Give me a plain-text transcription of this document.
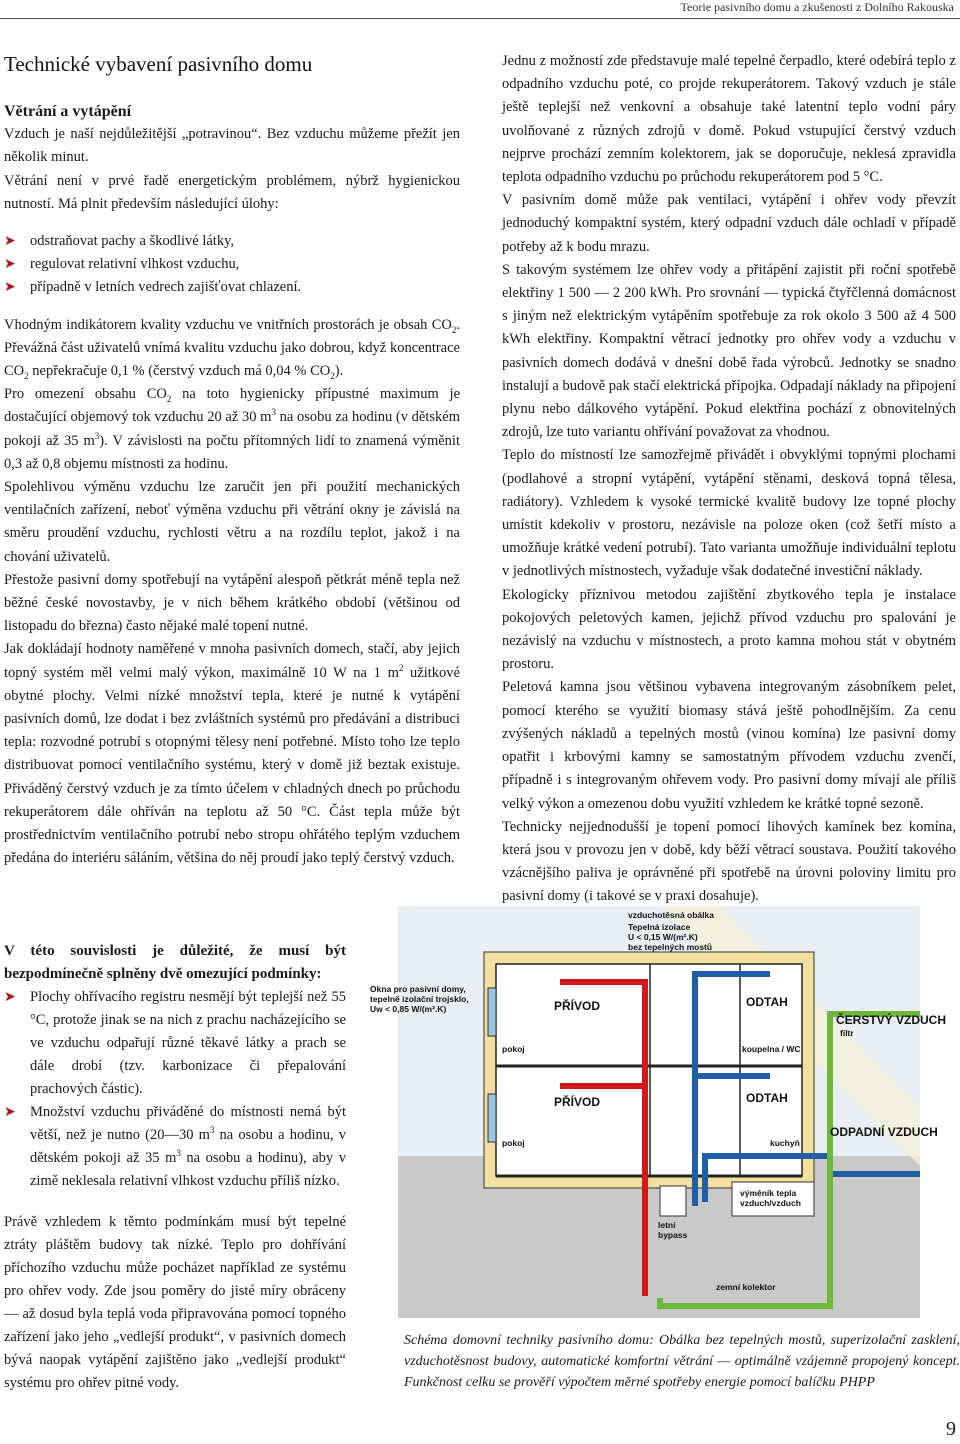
Teorie pasivního domu a zkušenosti z Dolního Rakouska
Technické vybavení pasivního domu

Větrání a vytápění

Vzduch je naší nejdůležitější „potravinou“. Bez vzduchu můžeme přežít jen několik minut.

Větrání není v prvé řadě energetickým problémem, nýbrž hygienickou nutností. Má plnit především následující úlohy:

➤ odstraňovat pachy a škodlivé látky,
➤ regulovat relativní vlhkost vzduchu,
➤ případně v letních vedrech zajišťovat chlazení.

Vhodným indikátorem kvality vzduchu ve vnitřních prostorách je obsah $CO_2$. Převážná část uživatelů vnímá kvalitu vzduchu jako dobrou, když koncentrace $CO_2$ nepřekračuje 0,1 % (čerstvý vzduch má 0,04 % $CO_2$).

Pro omezení obsahu $CO_2$ na toto hygienicky přípustné maximum je dostačující objemový tok vzduchu 20 až 30 $m^3$ na osobu za hodinu (v dětském pokoji až 35 $m^3$). V závislosti na počtu přítomných lidí to znamená výměnit 0,3 až 0,8 objemu místnosti za hodinu.

Spolehlivou výměnu vzduchu lze zaručit jen při použití mechanických ventilačních zařízení, neboť výměna vzduchu při větrání okny je závislá na směru proudění vzduchu, rychlosti větru a na rozdílu teplot, jakož i na chování uživatelů.

Přestože pasivní domy spotřebují na vytápění alespoň pětkrát méně tepla než běžné české novostavby, je v nich během krátkého období (většinou od listopadu do března) často nějaké malé topení nutné.

Jak dokládají hodnoty naměřené v mnoha pasivních domech, stačí, aby jejich topný systém měl velmi malý výkon, maximálně 10 W na 1 $m^2$ užitkové obytné plochy. Velmi nízké množství tepla, které je nutné k vytápění pasivních domů, lze dodat i bez zvláštních systémů pro předávání a distribuci tepla: rozvodné potrubí s otopnými tělesy není potřebné. Místo toho lze teplo distribuovat pomocí ventilačního systému, který v domě již beztak existuje. Přiváděný čerstvý vzduch je za tímto účelem v chladných dnech po průchodu rekuperátorem dále ohříván na teplotu až 50 °C. Část tepla může být prostřednictvím ventilačního potrubí nebo stropu ohřátého teplým vzduchem předána do interiéru sáláním, většina do něj proudí jako teplý čerstvý vzduch.

V této souvislosti je důležité, že musí být bezpodmínečně splněny dvě omezující podmínky:

➤ Plochy ohřívacího registru nesmějí být teplejší než 55 °C, protože jinak se na nich z prachu nacházejícího se ve vzduchu odpařují různé těkavé látky a prach se dále drobí (tzv. karbonizace či přepalování prachových částic).
➤ Množství vzduchu přiváděné do místnosti nemá být větší, než je nutno (20—30 $m^3$ na osobu a hodinu, v dětském pokoji až 35 $m^3$ na osobu a hodinu), aby v zimě neklesala relativní vlhkost vzduchu příliš nízko.

Právě vzhledem k těmto podmínkám musí být tepelné ztráty pláštěm budovy tak nízké. Teplo pro dohřívání příchozího vzduchu může pocházet například ze systému pro ohřev vody. Zde jsou poměry do jisté míry obráceny — až dosud byla teplá voda připravována pomocí topného zařízení jako jeho „vedlejší produkt“, v pasivních domech bývá naopak vytápění zajištěno jako „vedlejší produkt“ systému pro ohřev pitné vody.

Jednu z možností zde představuje malé tepelné čerpadlo, které odebírá teplo z odpadního vzduchu poté, co projde rekuperátorem. Takový vzduch je stále ještě teplejší než venkovní a obsahuje také latentní teplo vodní páry uvolňované z různých zdrojů v domě. Pokud vstupující čerstvý vzduch nejprve prochází zemním kolektorem, jak se doporučuje, neklesá zpravidla teplota odpadního vzduchu po průchodu rekuperátorem pod 5 °C.

V pasivním domě může pak ventilaci, vytápění i ohřev vody převzít jednoduchý kompaktní systém, který odpadní vzduch dále ochladí v případě potřeby až k bodu mrazu.

S takovým systémem lze ohřev vody a přitápění zajistit při roční spotřebě elektřiny 1 500 — 2 200 kWh. Pro srovnání — typická čtyřčlenná domácnost s jiným než elektrickým vytápěním spotřebuje za rok okolo 3 500 až 4 500 kWh elektřiny. Kompaktní větrací jednotky pro ohřev vody a vzduchu v pasivních domech dodává v dnešní době řada výrobců. Jednotky se snadno instalují a budově pak stačí elektrická přípojka. Odpadají náklady na připojení plynu nebo dálkového vytápění. Pokud elektřina pochází z obnovitelných zdrojů, lze tuto variantu ohřívání považovat za vhodnou.

Teplo do místností lze samozřejmě přivádět i obvyklými topnými plochami (podlahové a stropní vytápění, vytápění stěnami, desková topná tělesa, radiátory). Vzhledem k vysoké termické kvalitě budovy lze topné plochy umístit kdekoliv v prostoru, nezávisle na poloze oken (což šetří místo a umožňuje krátké vedení potrubí). Tato varianta umožňuje individuální teplotu v jednotlivých místnostech, vyžaduje však dodatečné investiční náklady.

Ekologicky příznivou metodou zajištění zbytkového tepla je instalace pokojových peletových kamen, jejichž přívod vzduchu pro spalování je nezávislý na vzduchu v místnostech, a proto kamna mohou stát v obytném prostoru.

Peletová kamna jsou většinou vybavena integrovaným zásobníkem pelet, pomocí kterého se využití biomasy stává ještě pohodlnějším. Za cenu zvýšených nákladů a tepelných mostů (vinou komína) lze pasivní domy opatřit i krbovými kamny se samostatným přívodem vzduchu zvenčí, případně i s integrovaným ohřevem vody. Pro pasivní domy mívají ale příliš velký výkon a omezenou dobu využití vzhledem ke krátké topné sezoně.

Technicky nejjednodušší je topení pomocí lihových kamínek bez komína, která jsou v provozu jen v době, kdy běží větrací soustava. Použití takového vzácnějšího paliva je oprávněné při spotřebě na úrovni poloviny limitu pro pasivní domy (i takové se v praxi dosahuje).

vzduchotěsná obálka
Tepelná izolace
U < 0,15 W/(m².K)
bez tepelných mostů
Okna pro pasivní domy,
tepelně izolační trojsklo,
Uw < 0,85 W/(m².K)	PŘÍVOD	ODTAH
ČERSTVÝ VZDUCH
filtr
pokoj	koupelna / WC
PŘÍVOD	ODTAH
pokoj	kuchyň
ODPADNÍ VZDUCH
letní
bypass
výměník tepla
vzduch/vzduch
zemní kolektor

Schéma domovní techniky pasivního domu: Obálka bez tepelných mostů, superizolační zasklení, vzduchotěsnost budovy, automatické komfortní větrání — optimálně vzájemně propojený koncept. Funkčnost celku se prověří výpočtem měrné spotřeby energie pomocí balíčku PHPP

9
